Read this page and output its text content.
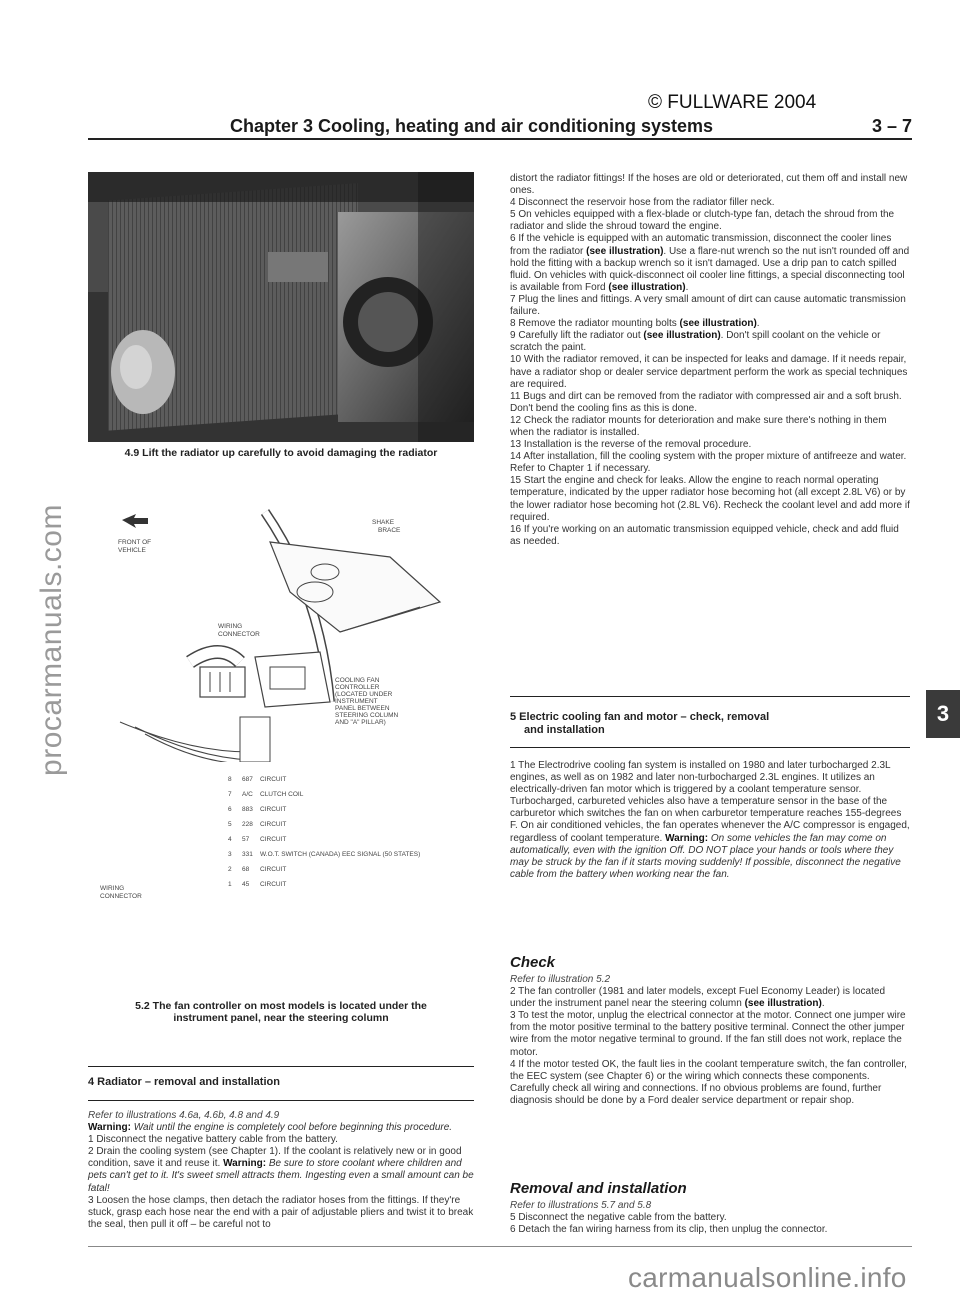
© FULLWARE 2004
Chapter 3 Cooling, heating and air conditioning systems	3 – 7
procarmanuals.com
carmanualsonline.info
3
4.9 Lift the radiator up carefully to avoid damaging the radiator
FRONT OF
VEHICLE
SHAKE
BRACE
WIRING
CONNECTOR
COOLING FAN
CONTROLLER
(LOCATED UNDER
INSTRUMENT
PANEL BETWEEN
STEERING COLUMN
AND "A" PILLAR)
8 687 CIRCUIT
7 A/C CLUTCH COIL
6 883 CIRCUIT
5 228 CIRCUIT
4 57 CIRCUIT
3 331 W.O.T. SWITCH (CANADA) EEC SIGNAL (50 STATES)
2 68 CIRCUIT
1 45 CIRCUIT
WIRING
CONNECTOR
5.2 The fan controller on most models is located under the
instrument panel, near the steering column
4 Radiator – removal and installation

Refer to illustrations 4.6a, 4.6b, 4.8 and 4.9

Warning: Wait until the engine is completely cool before beginning this procedure.

1 Disconnect the negative battery cable from the battery.

2 Drain the cooling system (see Chapter 1). If the coolant is relatively new or in good condition, save it and reuse it. Warning: Be sure to store coolant where children and pets can't get to it. It's sweet smell attracts them. Ingesting even a small amount can be fatal!

3 Loosen the hose clamps, then detach the radiator hoses from the fittings. If they're stuck, grasp each hose near the end with a pair of adjustable pliers and twist it to break the seal, then pull it off – be careful not to

distort the radiator fittings! If the hoses are old or deteriorated, cut them off and install new ones.

4 Disconnect the reservoir hose from the radiator filler neck.

5 On vehicles equipped with a flex-blade or clutch-type fan, detach the shroud from the radiator and slide the shroud toward the engine.

6 If the vehicle is equipped with an automatic transmission, disconnect the cooler lines from the radiator (see illustration). Use a flare-nut wrench so the nut isn't rounded off and hold the fitting with a backup wrench so it isn't damaged. Use a drip pan to catch spilled fluid. On vehicles with quick-disconnect oil cooler line fittings, a special disconnecting tool is available from Ford (see illustration).

7 Plug the lines and fittings. A very small amount of dirt can cause automatic transmission failure.

8 Remove the radiator mounting bolts (see illustration).

9 Carefully lift the radiator out (see illustration). Don't spill coolant on the vehicle or scratch the paint.

10 With the radiator removed, it can be inspected for leaks and damage. If it needs repair, have a radiator shop or dealer service department perform the work as special techniques are required.

11 Bugs and dirt can be removed from the radiator with compressed air and a soft brush. Don't bend the cooling fins as this is done.

12 Check the radiator mounts for deterioration and make sure there's nothing in them when the radiator is installed.

13 Installation is the reverse of the removal procedure.

14 After installation, fill the cooling system with the proper mixture of antifreeze and water. Refer to Chapter 1 if necessary.

15 Start the engine and check for leaks. Allow the engine to reach normal operating temperature, indicated by the upper radiator hose becoming hot (all except 2.8L V6) or by the lower radiator hose becoming hot (2.8L V6). Recheck the coolant level and add more if required.

16 If you're working on an automatic transmission equipped vehicle, check and add fluid as needed.

5 Electric cooling fan and motor – check, removal
and installation

1 The Electrodrive cooling fan system is installed on 1980 and later turbocharged 2.3L engines, as well as on 1982 and later non-turbocharged 2.3L engines. It utilizes an electrically-driven fan motor which is triggered by a coolant temperature sensor. Turbocharged, carbureted vehicles also have a temperature sensor in the base of the carburetor which switches the fan on when carburetor temperature reaches 155-degrees F. On air conditioned vehicles, the fan operates whenever the A/C compressor is engaged, regardless of coolant temperature. Warning: On some vehicles the fan may come on automatically, even with the ignition Off. DO NOT place your hands or tools where they may be struck by the fan if it starts moving suddenly! If possible, disconnect the negative cable from the battery when working near the fan.

Check

Refer to illustration 5.2

2 The fan controller (1981 and later models, except Fuel Economy Leader) is located under the instrument panel near the steering column (see illustration).

3 To test the motor, unplug the electrical connector at the motor. Connect one jumper wire from the motor positive terminal to the battery positive terminal. Connect the other jumper wire from the motor negative terminal to ground. If the fan still does not work, replace the motor.

4 If the motor tested OK, the fault lies in the coolant temperature switch, the fan controller, the EEC system (see Chapter 6) or the wiring which connects these components. Carefully check all wiring and connections. If no obvious problems are found, further diagnosis should be done by a Ford dealer service department or repair shop.

Removal and installation

Refer to illustrations 5.7 and 5.8

5 Disconnect the negative cable from the battery.

6 Detach the fan wiring harness from its clip, then unplug the connector.
